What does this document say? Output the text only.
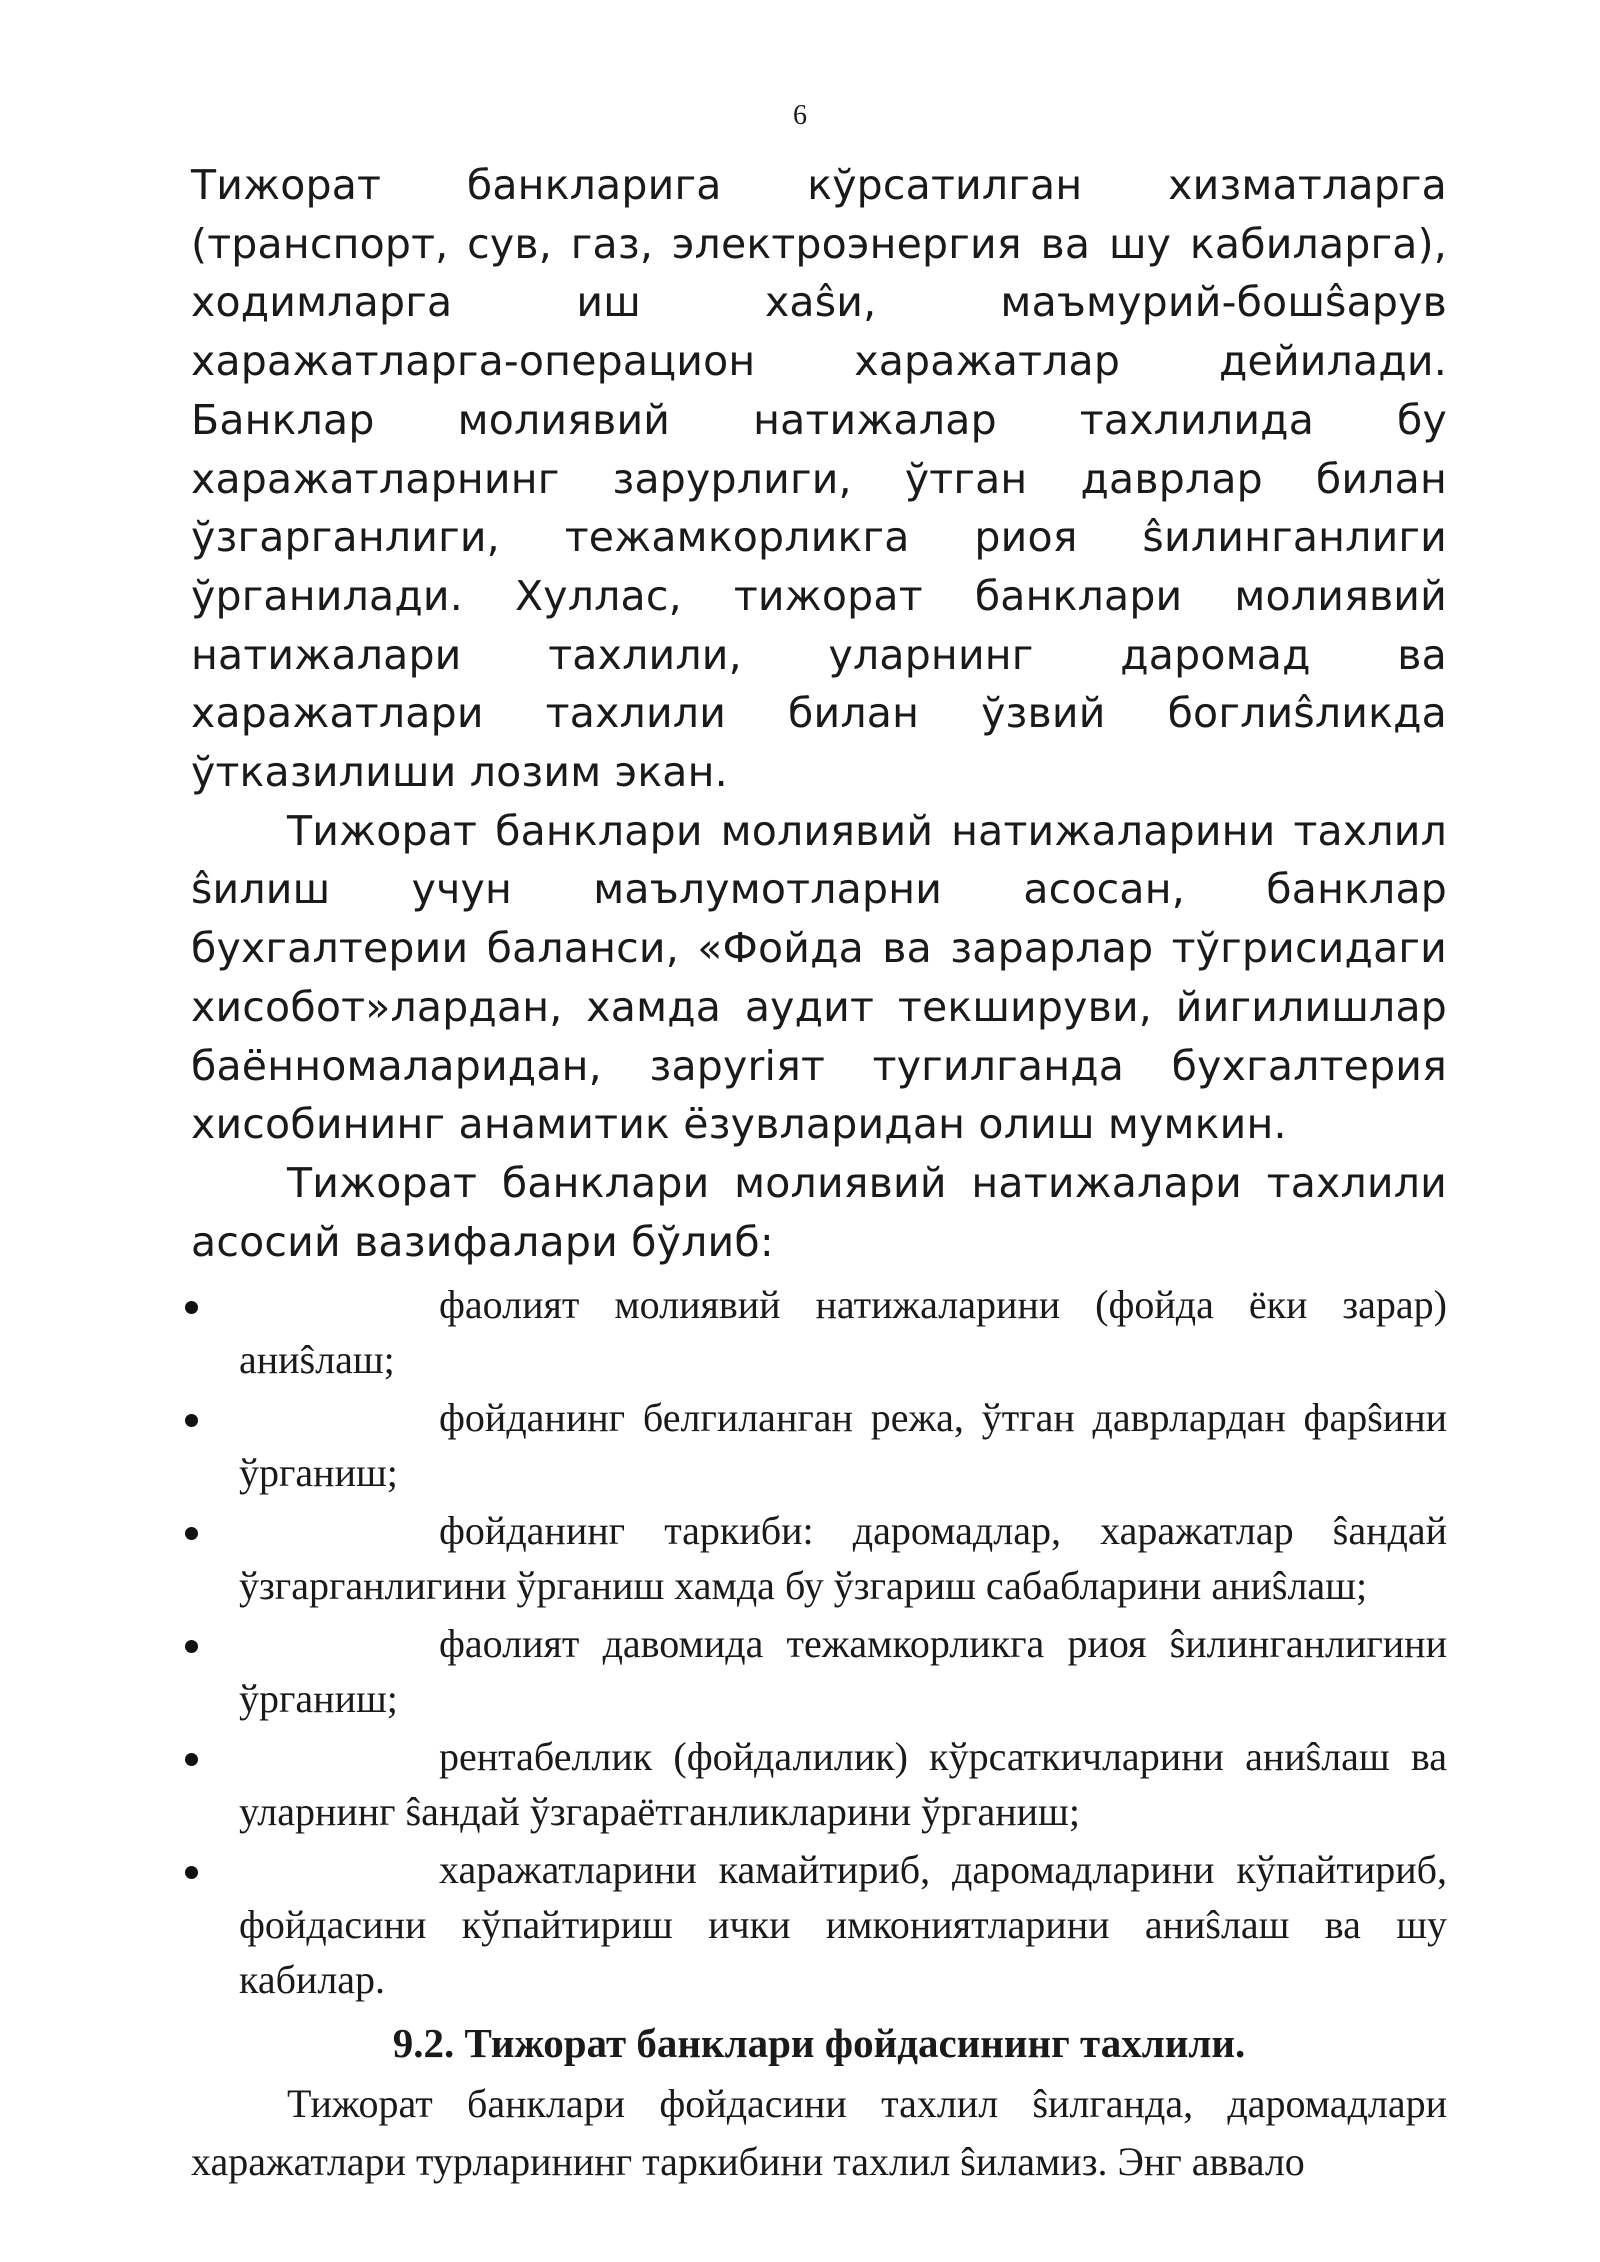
6

Тижорат банкларига кўрсатилган хизматларга (транспорт, сув, газ, электроэнергия ва шу кабиларга), ходимларга иш хаŝи, маъмурий-бошŝарув харажатларга-операцион харажатлар дейилади. Банклар молиявий натижалар тахлилида бу харажатларнинг зарурлиги, ўтган даврлар билан ўзгарганлиги, тежамкорликга риоя ŝилинганлиги ўрганилади. Хуллас, тижорат банклари молиявий натижалари тахлили, уларнинг даромад ва харажатлари тахлили билан ўзвий боглиŝликда ўтказилиши лозим экан.

Тижорат банклари молиявий натижаларини тахлил ŝилиш учун маълумотларни асосан, банклар бухгалтерии баланси, «Фойда ва зарарлар тўгрисидаги хисобот»лардан, хамда аудит текшируви, йигилишлар баённомаларидан, заруriят тугилганда бухгалтерия хисобининг анамитик ёзувларидан олиш мумкин.

Тижорат банклари молиявий натижалари тахлили асосий вазифалари бўлиб:

фаолият молиявий натижаларини (фойда ёки зарар) аниŝлаш;
фойданинг белгиланган режа, ўтган даврлардан фарŝини ўрганиш;
фойданинг таркиби: даромадлар, харажатлар ŝандай ўзгарганлигини ўрганиш хамда бу ўзгариш сабабларини аниŝлаш;
фаолият давомида тежамкорликга риоя ŝилинганлигини ўрганиш;
рентабеллик (фойдалилик) кўрсаткичларини аниŝлаш ва уларнинг ŝандай ўзгараётганликларини ўрганиш;
харажатларини камайтириб, даромадларини кўпайтириб, фойдасини кўпайтириш ички имкониятларини аниŝлаш ва шу кабилар.
9.2. Тижорат банклари фойдасининг таxлили.

Тижорат банклари фойдасини таxлил ŝилганда, даромадлари харажатлари турларининг таркибини таxлил ŝиламиз. Энг аввало
